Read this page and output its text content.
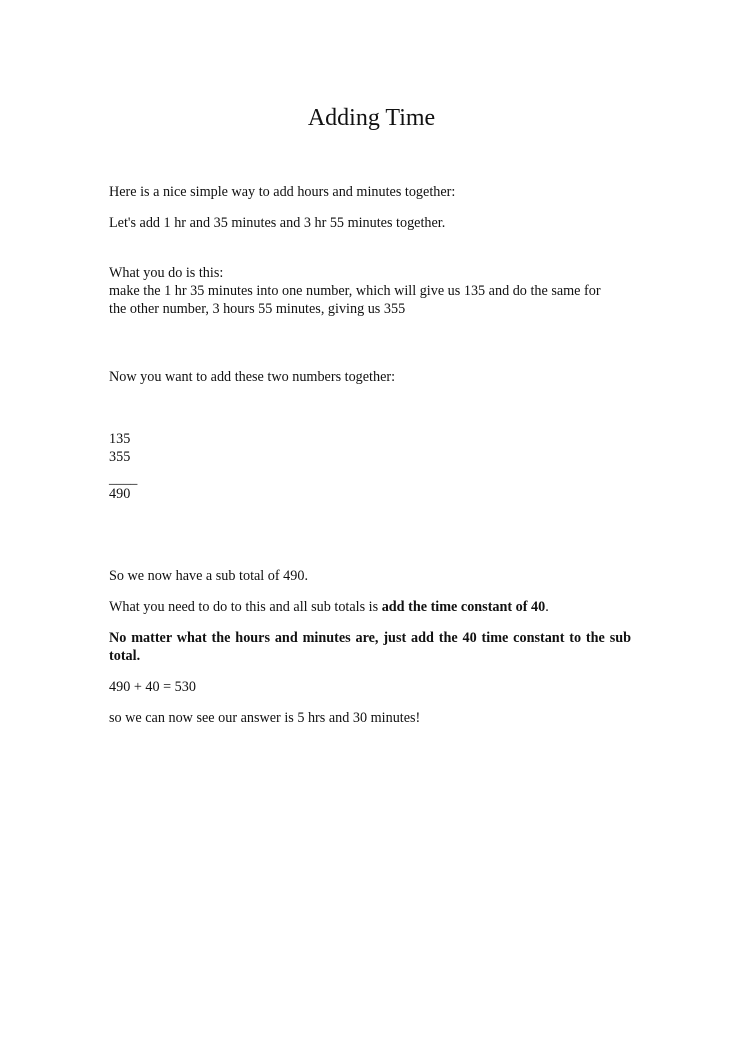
Adding Time
Here is a nice simple way to add hours and minutes together:
Let's add 1 hr and 35 minutes and 3 hr 55 minutes together.
What you do is this:
make the 1 hr 35 minutes into one number, which will give us 135 and do the same for
the other number, 3 hours 55 minutes, giving us 355
Now you want to add these two numbers together:
135
355
____
490
So we now have a sub total of 490.
What you need to do to this and all sub totals is add the time constant of 40.
No matter what the hours and minutes are, just add the 40 time constant to the sub total.
490 + 40 = 530
so we can now see our answer is 5 hrs and 30 minutes!
